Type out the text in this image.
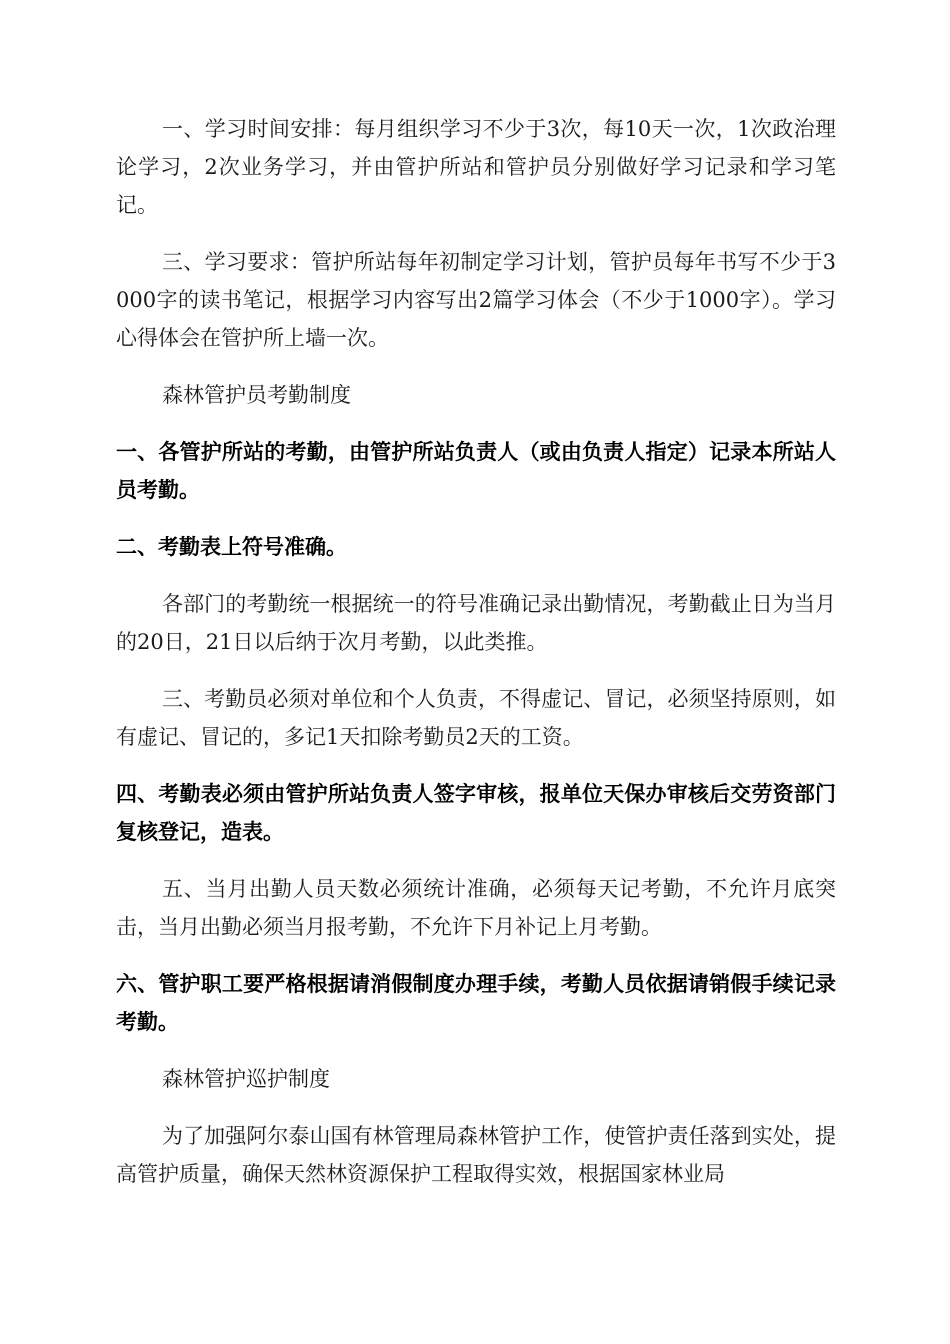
一、学习时间安排：每月组织学习不少于3次，每10天一次，1次政治理论学习，2次业务学习，并由管护所站和管护员分别做好学习记录和学习笔记。

三、学习要求：管护所站每年初制定学习计划，管护员每年书写不少于3000字的读书笔记，根据学习内容写出2篇学习体会（不少于1000字）。学习心得体会在管护所上墙一次。

森林管护员考勤制度

一、各管护所站的考勤，由管护所站负责人（或由负责人指定）记录本所站人员考勤。

二、考勤表上符号准确。

各部门的考勤统一根据统一的符号准确记录出勤情况，考勤截止日为当月的20日，21日以后纳于次月考勤，以此类推。

三、考勤员必须对单位和个人负责，不得虚记、冒记，必须坚持原则，如有虚记、冒记的，多记1天扣除考勤员2天的工资。

四、考勤表必须由管护所站负责人签字审核，报单位天保办审核后交劳资部门复核登记，造表。

五、当月出勤人员天数必须统计准确，必须每天记考勤，不允许月底突击，当月出勤必须当月报考勤，不允许下月补记上月考勤。

六、管护职工要严格根据请消假制度办理手续，考勤人员依据请销假手续记录考勤。

森林管护巡护制度

为了加强阿尔泰山国有林管理局森林管护工作，使管护责任落到实处，提高管护质量，确保天然林资源保护工程取得实效，根据国家林业局
